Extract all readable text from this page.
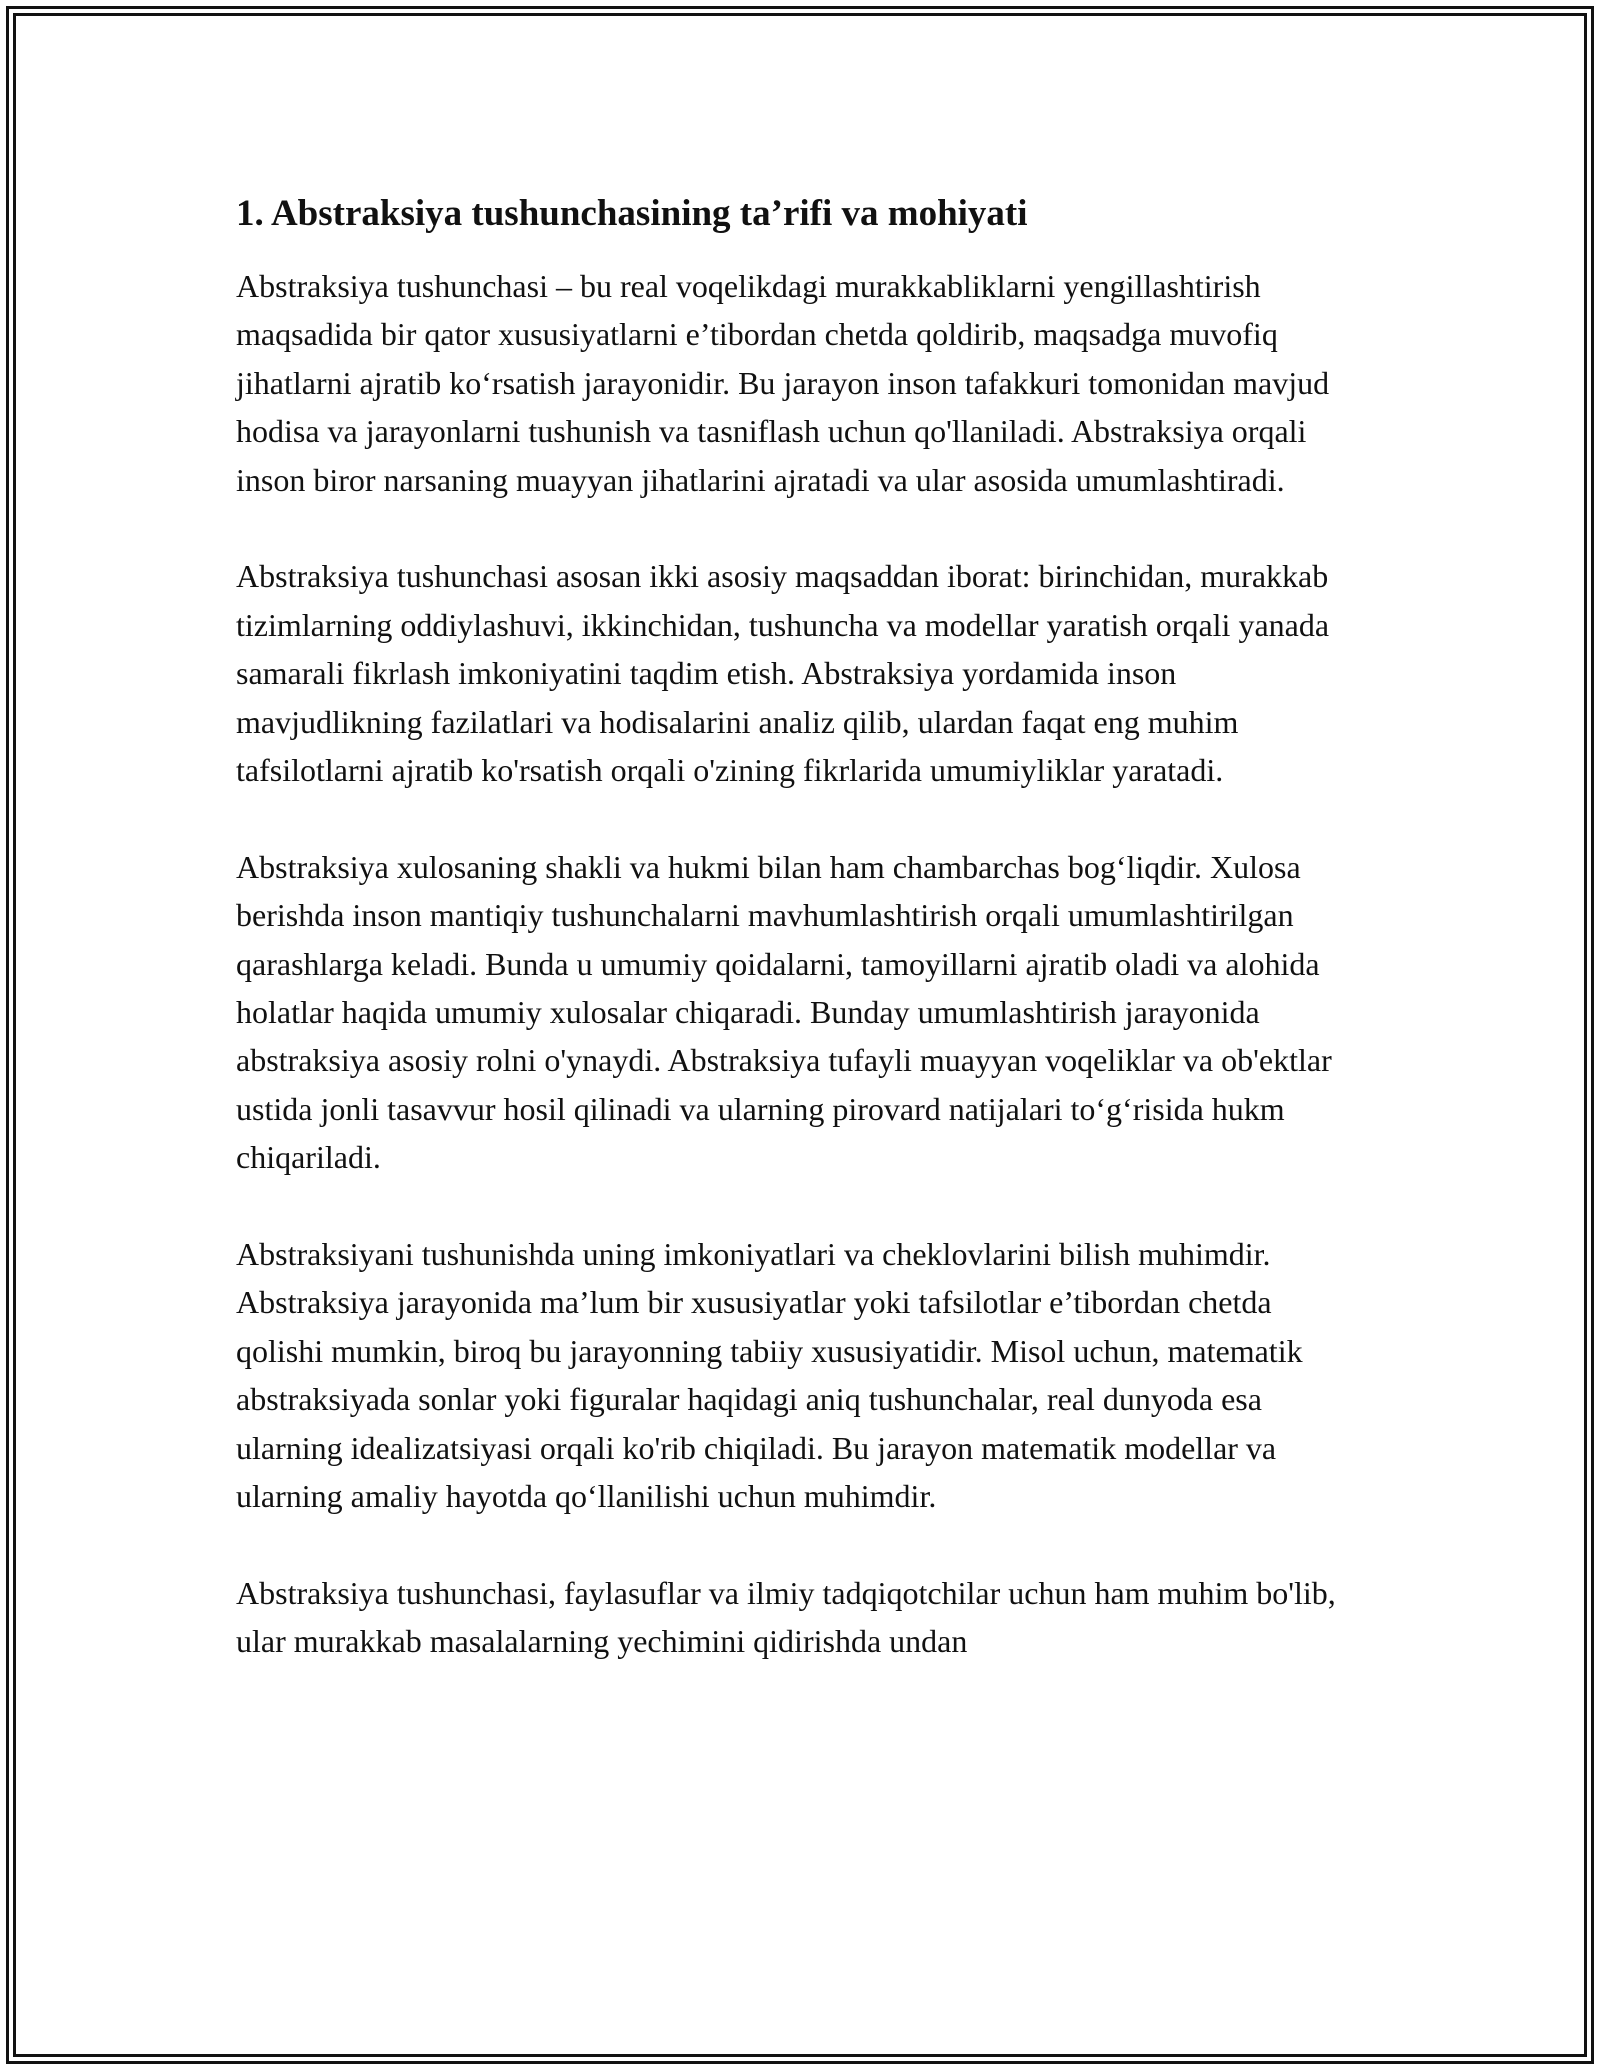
1. Abstraksiya tushunchasining ta’rifi va mohiyati

Abstraksiya tushunchasi – bu real voqelikdagi murakkabliklarni yengillashtirish maqsadida bir qator xususiyatlarni e’tibordan chetda qoldirib, maqsadga muvofiq jihatlarni ajratib ko‘rsatish jarayonidir. Bu jarayon inson tafakkuri tomonidan mavjud hodisa va jarayonlarni tushunish va tasniflash uchun qo'llaniladi. Abstraksiya orqali inson biror narsaning muayyan jihatlarini ajratadi va ular asosida umumlashtiradi.

Abstraksiya tushunchasi asosan ikki asosiy maqsaddan iborat: birinchidan, murakkab tizimlarning oddiylashuvi, ikkinchidan, tushuncha va modellar yaratish orqali yanada samarali fikrlash imkoniyatini taqdim etish. Abstraksiya yordamida inson mavjudlikning fazilatlari va hodisalarini analiz qilib, ulardan faqat eng muhim tafsilotlarni ajratib ko'rsatish orqali o'zining fikrlarida umumiyliklar yaratadi.

Abstraksiya xulosaning shakli va hukmi bilan ham chambarchas bog‘liqdir. Xulosa berishda inson mantiqiy tushunchalarni mavhumlashtirish orqali umumlashtirilgan qarashlarga keladi. Bunda u umumiy qoidalarni, tamoyillarni ajratib oladi va alohida holatlar haqida umumiy xulosalar chiqaradi. Bunday umumlashtirish jarayonida abstraksiya asosiy rolni o'ynaydi. Abstraksiya tufayli muayyan voqeliklar va ob'ektlar ustida jonli tasavvur hosil qilinadi va ularning pirovard natijalari to‘g‘risida hukm chiqariladi.

Abstraksiyani tushunishda uning imkoniyatlari va cheklovlarini bilish muhimdir. Abstraksiya jarayonida ma’lum bir xususiyatlar yoki tafsilotlar e’tibordan chetda qolishi mumkin, biroq bu jarayonning tabiiy xususiyatidir. Misol uchun, matematik abstraksiyada sonlar yoki figuralar haqidagi aniq tushunchalar, real dunyoda esa ularning idealizatsiyasi orqali ko'rib chiqiladi. Bu jarayon matematik modellar va ularning amaliy hayotda qo‘llanilishi uchun muhimdir.

Abstraksiya tushunchasi, faylasuflar va ilmiy tadqiqotchilar uchun ham muhim bo'lib, ular murakkab masalalarning yechimini qidirishda undan
